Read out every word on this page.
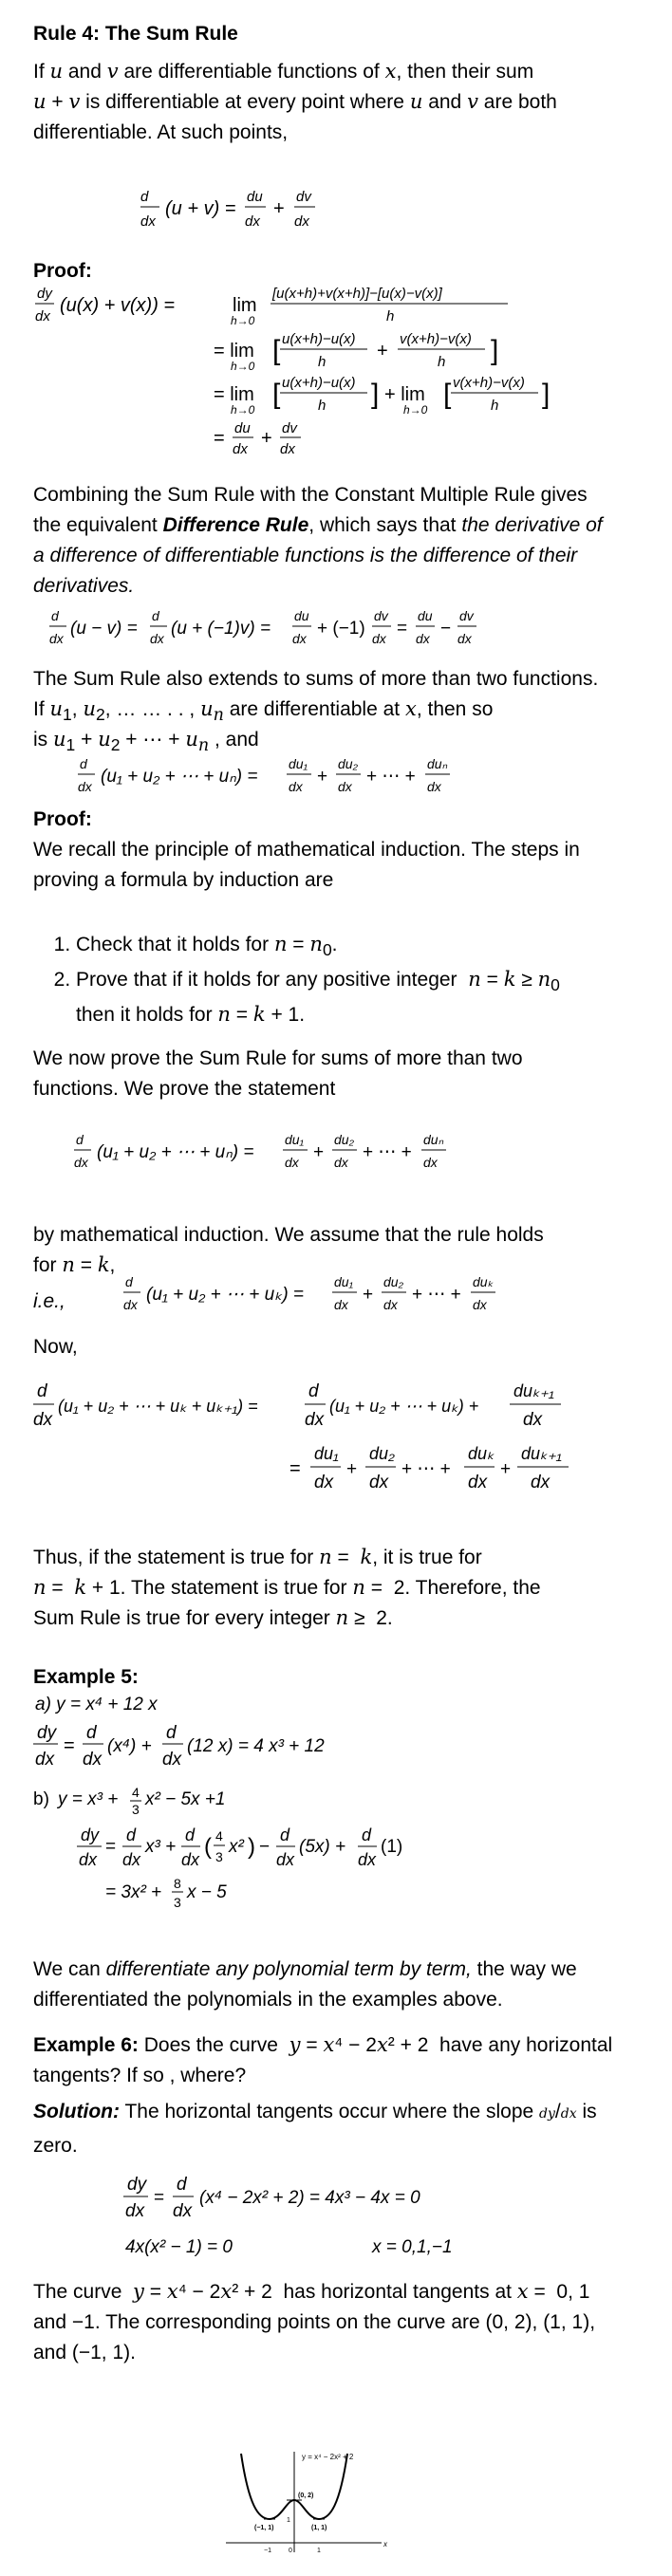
Rule 4: The Sum Rule
If u and v are differentiable functions of x, then their sum
u + v is differentiable at every point where u and v are both
differentiable. At such points,
d
dx
(u + v) =
du
dx
+
dv
dx
Proof:
dy
dx
(u(x) + v(x)) =	lim
h→0
[u(x+h)+v(x+h)]−[u(x)−v(x)]
h
= lim
h→0 [ u(x+h)−u(x)
h
+
v(x+h)−v(x)
h ]
= lim
h→0 [ u(x+h)−u(x)
h ] + lim
h→0 [ v(x+h)−v(x)
h ]
= du
dx
+ dv
dx
Combining the Sum Rule with the Constant Multiple Rule gives
the equivalent Difference Rule, which says that the derivative of
a difference of differentiable functions is the difference of their
derivatives.
d
dx (u − v) =
d
dx (u + (−1)v) =
du
dx + (−1)
dv
dx =
du
dx −
dv
dx
The Sum Rule also extends to sums of more than two functions.
If $u_1$, $u_2$, … … . . , $u_n$ are differentiable at x, then so
is $u_1 + u_2$ + ⋯ + $u_n$ , and
d
dx (u₁ + u₂ + ⋯ + uₙ) =
du₁
dx +
du₂
dx + ⋯ +
duₙ
dx
Proof:
We recall the principle of mathematical induction. The steps in
proving a formula by induction are
1. Check that it holds for $n = n_0$.
2. Prove that if it holds for any positive integer  $n = k \ge n_0$
then it holds for n = k + 1.
We now prove the Sum Rule for sums of more than two
functions. We prove the statement
d
dx (u₁ + u₂ + ⋯ + uₙ) =
du₁
dx +
du₂
dx + ⋯ +
duₙ
dx
by mathematical induction. We assume that the rule holds
for n = k,
i.e.,
d
dx (u₁ + u₂ + ⋯ + uₖ) =
du₁
dx +
du₂
dx + ⋯ +
duₖ
dx
Now,
d
dx
(u₁ + u₂ + ⋯ + uₖ + uₖ₊₁) =
d
dx
(u₁ + u₂ + ⋯ + uₖ) +
duₖ₊₁
dx
=
du₁
dx
+
du₂
dx
+ ⋯ +
duₖ
dx
+
duₖ₊₁
dx
Thus, if the statement is true for n =  k, it is true for
n =  k + 1. The statement is true for n =  2. Therefore, the
Sum Rule is true for every integer n ≥  2.
Example 5:
a) y = x⁴ + 12 x
dy
dx
=
d
dx
(x⁴) +
d
dx
(12 x) = 4 x³ + 12
b) y = x³ + 4
3 x² − 5x +1
dy
dx
=
d
dx
x³ +
d
dx ( 4
3 x² ) −
d
dx
(5x) +
d
dx
(1)
= 3x² + 8
3 x − 5
We can differentiate any polynomial term by term, the way we
differentiated the polynomials in the examples above.
Example 6: Does the curve  y = x⁴ − 2x² + 2  have any horizontal
tangents? If so , where?
Solution: The horizontal tangents occur where the slope dy/dx is
zero.
dy
dx
=
d
dx
(x⁴ − 2x² + 2) = 4x³ − 4x = 0
4x(x² − 1) = 0	x = 0,1,−1
The curve  y = x⁴ − 2x² + 2  has horizontal tangents at x =  0, 1
and −1. The corresponding points on the curve are (0, 2), (1, 1),
and (−1, 1).
y = x⁴ − 2x² + 2
(0, 2)
(−1, 1)	(1, 1)
1
−1	0	1
x
